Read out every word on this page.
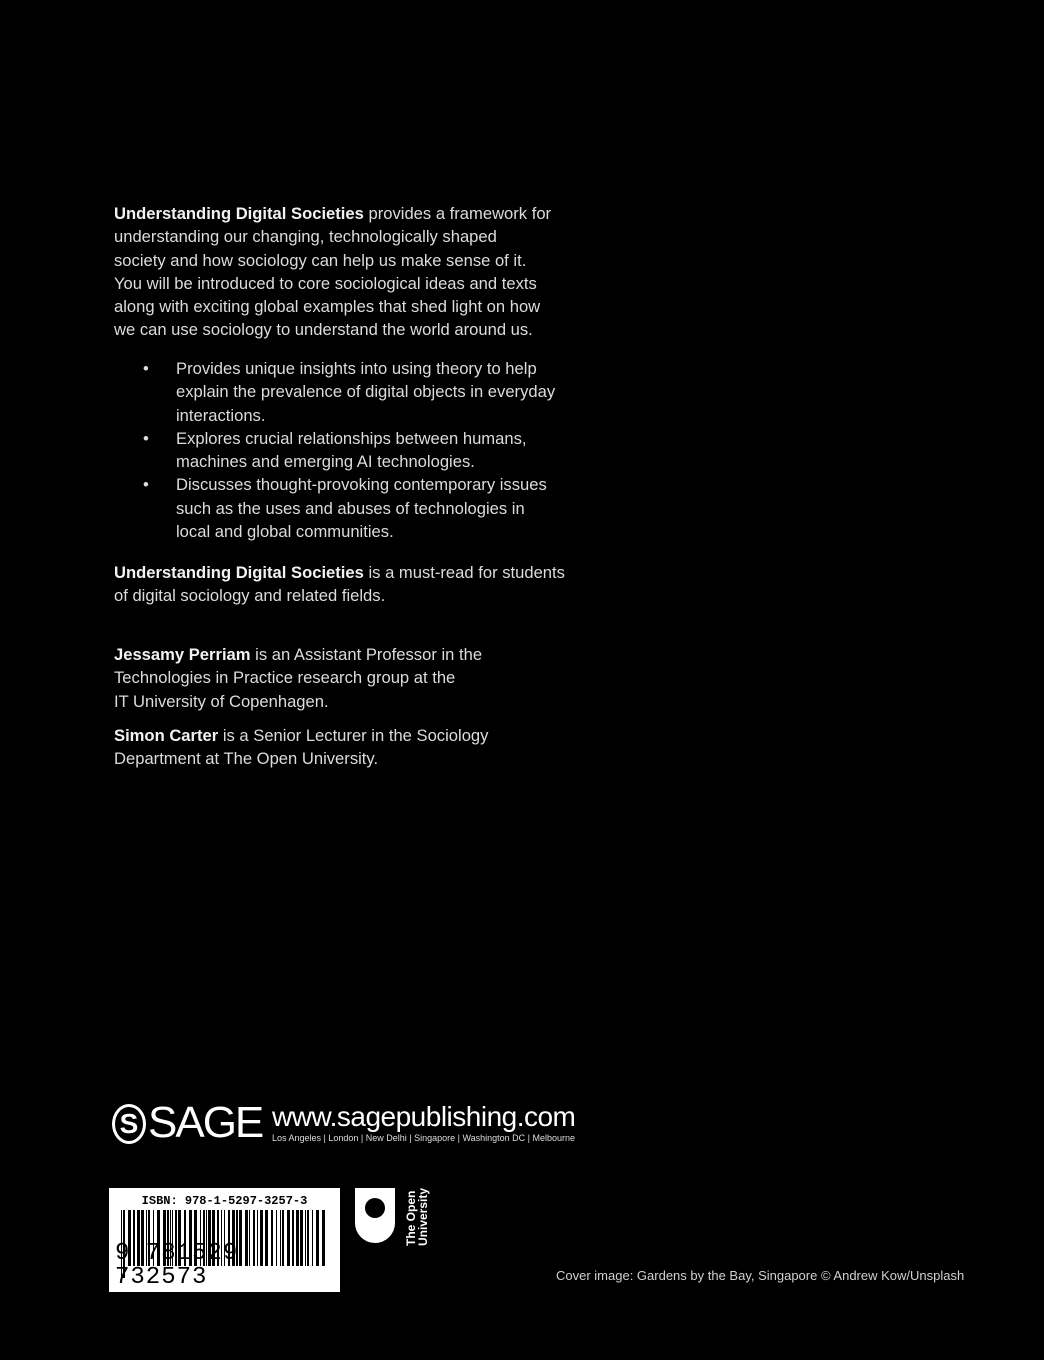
Understanding Digital Societies provides a framework for
understanding our changing, technologically shaped
society and how sociology can help us make sense of it.
You will be introduced to core sociological ideas and texts
along with exciting global examples that shed light on how
we can use sociology to understand the world around us.
• Provides unique insights into using theory to help
explain the prevalence of digital objects in everyday
interactions.
• Explores crucial relationships between humans,
machines and emerging AI technologies.
• Discusses thought-provoking contemporary issues
such as the uses and abuses of technologies in
local and global communities.
Understanding Digital Societies is a must-read for students
of digital sociology and related fields.
Jessamy Perriam is an Assistant Professor in the
Technologies in Practice research group at the
IT University of Copenhagen.
Simon Carter is a Senior Lecturer in the Sociology
Department at The Open University.
S SAGE www.sagepublishing.com
Los Angeles | London | New Delhi | Singapore | Washington DC | Melbourne
ISBN: 978-1-5297-3257-3
9 781529 732573
The Open
University
Cover image: Gardens by the Bay, Singapore © Andrew Kow/Unsplash
